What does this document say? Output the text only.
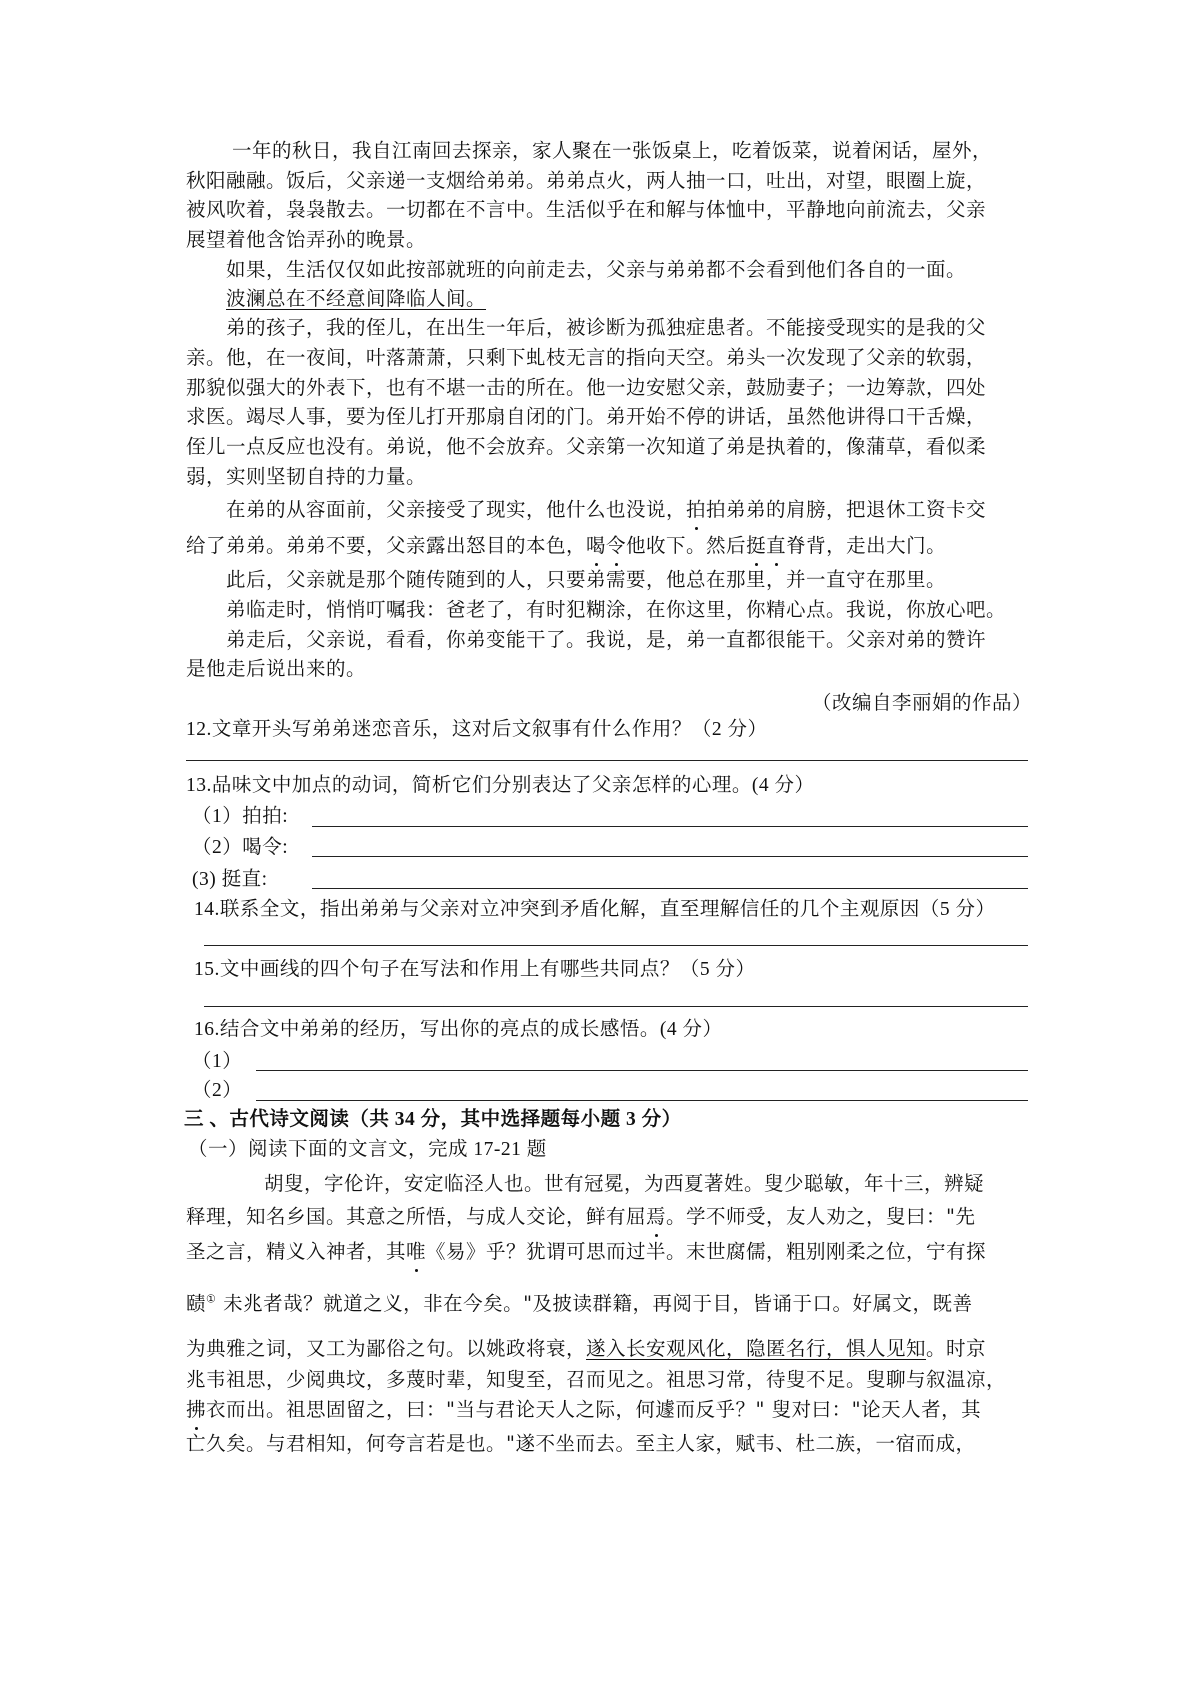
一年的秋日，我自江南回去探亲，家人聚在一张饭桌上，吃着饭菜，说着闲话，屋外，
秋阳融融。饭后，父亲递一支烟给弟弟。弟弟点火，两人抽一口，吐出，对望，眼圈上旋，
被风吹着，袅袅散去。一切都在不言中。生活似乎在和解与体恤中，平静地向前流去，父亲
展望着他含饴弄孙的晚景。
如果，生活仅仅如此按部就班的向前走去，父亲与弟弟都不会看到他们各自的一面。
波澜总在不经意间降临人间。
弟的孩子，我的侄儿，在出生一年后，被诊断为孤独症患者。不能接受现实的是我的父
亲。他，在一夜间，叶落萧萧，只剩下虬枝无言的指向天空。弟头一次发现了父亲的软弱，
那貌似强大的外表下，也有不堪一击的所在。他一边安慰父亲，鼓励妻子；一边筹款，四处
求医。竭尽人事，要为侄儿打开那扇自闭的门。弟开始不停的讲话，虽然他讲得口干舌燥，
侄儿一点反应也没有。弟说，他不会放弃。父亲第一次知道了弟是执着的，像蒲草，看似柔
弱，实则坚韧自持的力量。
在弟的从容面前，父亲接受了现实，他什么也没说，拍拍弟弟的肩膀，把退休工资卡交
给了弟弟。弟弟不要，父亲露出怒目的本色，喝令他收下。然后挺直脊背，走出大门。
此后，父亲就是那个随传随到的人，只要弟需要，他总在那里，并一直守在那里。
弟临走时，悄悄叮嘱我：爸老了，有时犯糊涂，在你这里，你精心点。我说，你放心吧。
弟走后，父亲说，看看，你弟变能干了。我说，是，弟一直都很能干。父亲对弟的赞许
是他走后说出来的。
（改编自李丽娟的作品）
12.文章开头写弟弟迷恋音乐，这对后文叙事有什么作用？（2 分）
13.品味文中加点的动词，简析它们分别表达了父亲怎样的心理。(4 分）
（1）拍拍:
（2）喝令:
(3) 挺直:
14.联系全文，指出弟弟与父亲对立冲突到矛盾化解，直至理解信任的几个主观原因（5 分）
15.文中画线的四个句子在写法和作用上有哪些共同点？（5 分）
16.结合文中弟弟的经历，写出你的亮点的成长感悟。(4 分）
（1）
（2）
三 、古代诗文阅读（共 34 分，其中选择题每小题 3 分）
（一）阅读下面的文言文，完成 17-21 题
胡叟，字伦许，安定临泾人也。世有冠冕，为西夏著姓。叟少聪敏，年十三，辨疑
释理，知名乡国。其意之所悟，与成人交论，鲜有屈焉。学不师受，友人劝之，叟曰："先
圣之言，精义入神者，其唯《易》乎？犹谓可思而过半。末世腐儒，粗别刚柔之位，宁有探
赜① 未兆者哉？就道之义，非在今矣。"及披读群籍，再阅于目，皆诵于口。好属文，既善
为典雅之词，又工为鄙俗之句。以姚政将衰，遂入长安观风化，隐匿名行，惧人见知。时京
兆韦祖思，少阅典坟，多蔑时辈，知叟至，召而见之。祖思习常，待叟不足。叟聊与叙温凉，
拂衣而出。祖思固留之，曰："当与君论天人之际，何遽而反乎？" 叟对曰："论天人者，其
亡久矣。与君相知，何夸言若是也。"遂不坐而去。至主人家，赋韦、杜二族，一宿而成，
